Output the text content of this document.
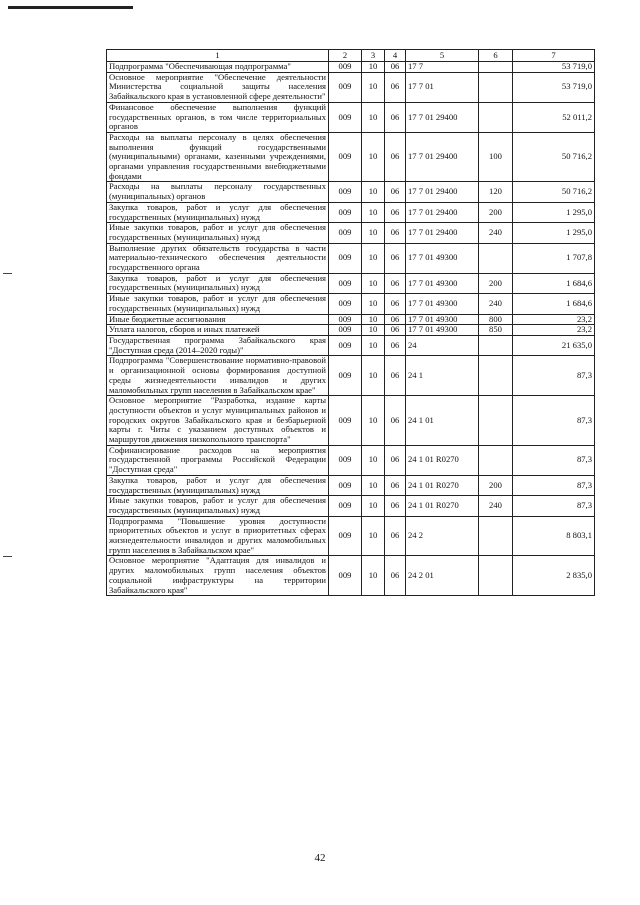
1	2	3	4	5	6	7
Подпрограмма "Обеспечивающая подпрограмма"	009	10	06	17 7		53 719,0
Основное мероприятие "Обеспечение деятельности Министерства социальной защиты населения Забайкальского края в установленной сфере деятельности"	009	10	06	17 7 01		53 719,0
Финансовое обеспечение выполнения функций государственных органов, в том числе территориальных органов	009	10	06	17 7 01 29400		52 011,2
Расходы на выплаты персоналу в целях обеспечения выполнения функций государственными (муниципальными) органами, казенными учреждениями, органами управления государственными внебюджетными фондами	009	10	06	17 7 01 29400	100	50 716,2
Расходы на выплаты персоналу государственных (муниципальных) органов	009	10	06	17 7 01 29400	120	50 716,2
Закупка товаров, работ и услуг для обеспечения государственных (муниципальных) нужд	009	10	06	17 7 01 29400	200	1 295,0
Иные закупки товаров, работ и услуг для обеспечения государственных (муниципальных) нужд	009	10	06	17 7 01 29400	240	1 295,0
Выполнение других обязательств государства в части материально-технического обеспечения деятельности государственного органа	009	10	06	17 7 01 49300		1 707,8
Закупка товаров, работ и услуг для обеспечения государственных (муниципальных) нужд	009	10	06	17 7 01 49300	200	1 684,6
Иные закупки товаров, работ и услуг для обеспечения государственных (муниципальных) нужд	009	10	06	17 7 01 49300	240	1 684,6
Иные бюджетные ассигнования	009	10	06	17 7 01 49300	800	23,2
Уплата налогов, сборов и иных платежей	009	10	06	17 7 01 49300	850	23,2
Государственная программа Забайкальского края "Доступная среда (2014–2020 годы)"	009	10	06	24		21 635,0
Подпрограмма "Совершенствование нормативно-правовой и организационной основы формирования доступной среды жизнедеятельности инвалидов и других маломобильных групп населения в Забайкальском крае"	009	10	06	24 1		87,3
Основное мероприятие "Разработка, издание карты доступности объектов и услуг муниципальных районов и городских округов Забайкальского края и безбарьерной карты г. Читы с указанием доступных объектов и маршрутов движения низкопольного транспорта"	009	10	06	24 1 01		87,3
Софинансирование расходов на мероприятия государственной программы Российской Федерации "Доступная среда"	009	10	06	24 1 01 R0270		87,3
Закупка товаров, работ и услуг для обеспечения государственных (муниципальных) нужд	009	10	06	24 1 01 R0270	200	87,3
Иные закупки товаров, работ и услуг для обеспечения государственных (муниципальных) нужд	009	10	06	24 1 01 R0270	240	87,3
Подпрограмма "Повышение уровня доступности приоритетных объектов и услуг в приоритетных сферах жизнедеятельности инвалидов и других маломобильных групп населения в Забайкальском крае"	009	10	06	24 2		8 803,1
Основное мероприятие "Адаптация для инвалидов и других маломобильных групп населения объектов социальной инфраструктуры на территории Забайкальского края"	009	10	06	24 2 01		2 835,0
42
